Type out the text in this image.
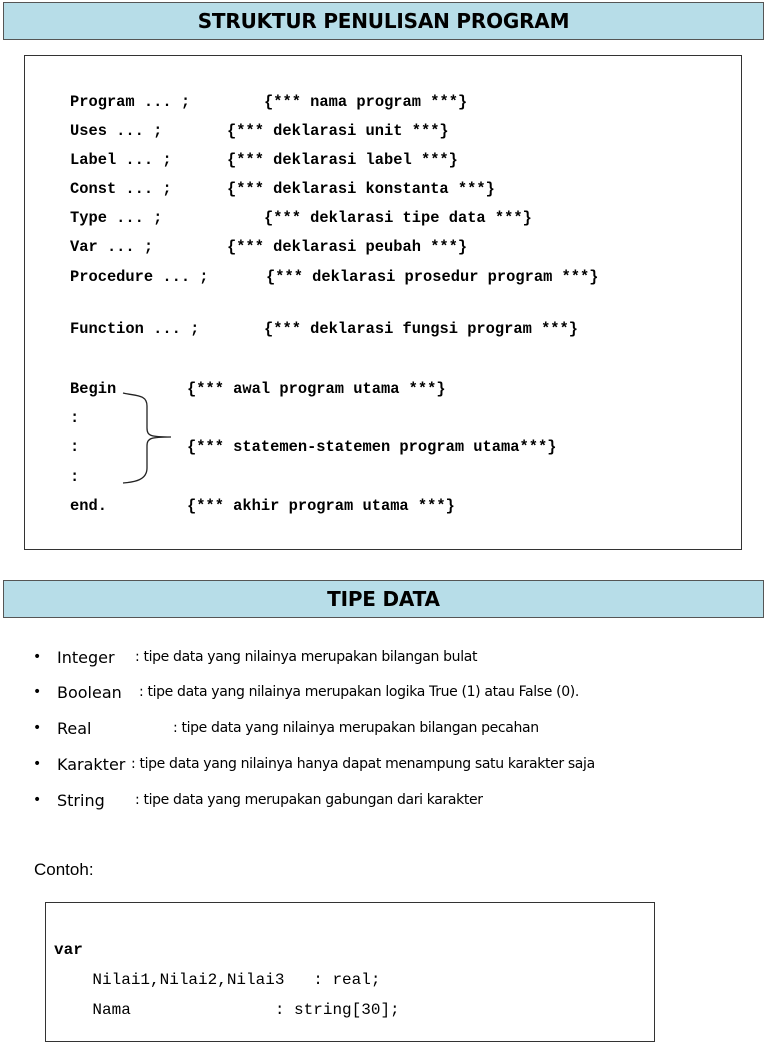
STRUKTUR PENULISAN PROGRAM
Program ... ;	{*** nama program ***}
Uses ... ;	{*** deklarasi unit ***}
Label ... ;	{*** deklarasi label ***}
Const ... ;	{*** deklarasi konstanta ***}
Type ... ;	{*** deklarasi tipe data ***}
Var ... ;	{*** deklarasi peubah ***}
Procedure ... ;	{*** deklarasi prosedur program ***}
Function ... ;	{*** deklarasi fungsi program ***}
Begin	{*** awal program utama ***}
:
:	{*** statemen-statemen program utama***}
:
end.	{*** akhir program utama ***}
TIPE DATA
• Integer : tipe data yang nilainya merupakan bilangan bulat
• Boolean : tipe data yang nilainya merupakan logika True (1) atau False (0).
• Real	: tipe data yang nilainya merupakan bilangan pecahan
• Karakter : tipe data yang nilainya hanya dapat menampung satu karakter saja
• String : tipe data yang merupakan gabungan dari karakter
Contoh:
var
Nilai1,Nilai2,Nilai3   : real;
Nama               : string[30];
